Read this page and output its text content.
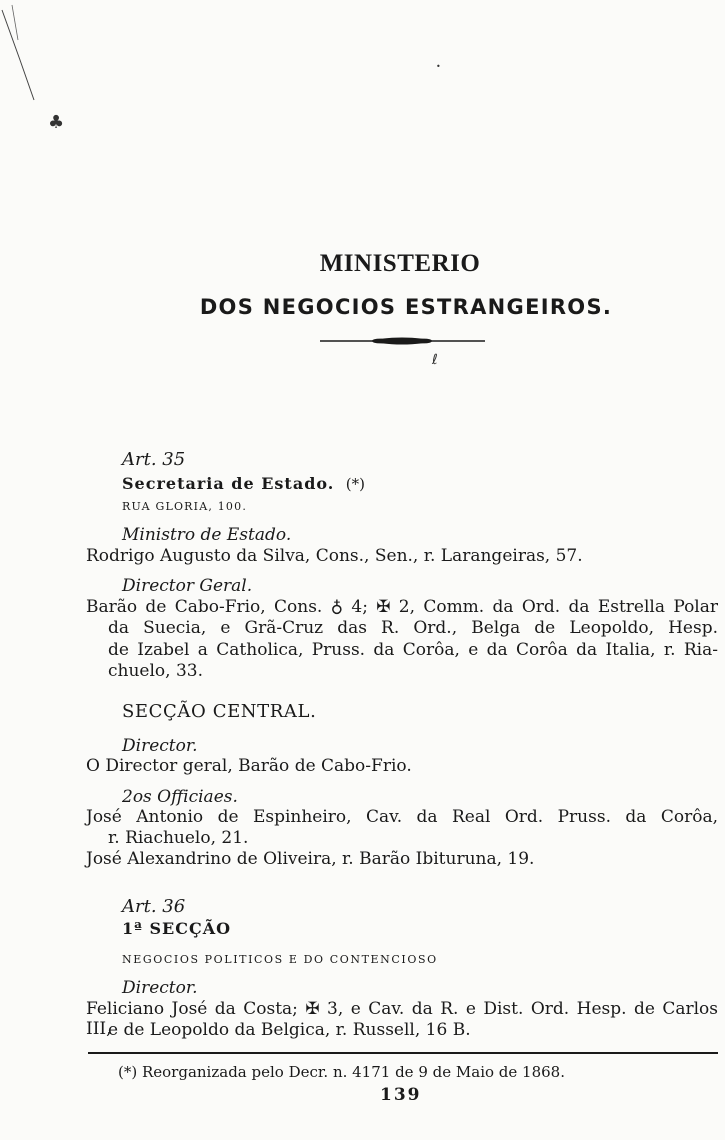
♣
•
ℓ
MINISTERIO
DOS NEGOCIOS ESTRANGEIROS.
Art. 35
Secretaria de Estado. (*)
RUA GLORIA, 100.
Ministro de Estado.
Rodrigo Augusto da Silva, Cons., Sen., r. Larangeiras, 57.
Director Geral.
Barão de Cabo-Frio, Cons. ♁ 4; ✠ 2, Comm. da Ord. da Estrella Polar
da Suecia, e Grã-Cruz das R. Ord., Belga de Leopoldo, Hesp.
de Izabel a Catholica, Pruss. da Corôa, e da Corôa da Italia, r. Ria-
chuelo, 33.
SECÇÃO CENTRAL.
Director.
O Director geral, Barão de Cabo-Frio.
2os Officiaes.
José Antonio de Espinheiro, Cav. da Real Ord. Pruss. da Corôa,
r. Riachuelo, 21.
José Alexandrino de Oliveira, r. Barão Ibituruna, 19.
Art. 36
1ª SECÇÃO
NEGOCIOS POLITICOS E DO CONTENCIOSO
Director.
Feliciano José da Costa; ✠ 3, e Cav. da R. e Dist. Ord. Hesp. de Carlos III,
e de Leopoldo da Belgica, r. Russell, 16 B.
(*) Reorganizada pelo Decr. n. 4171 de 9 de Maio de 1868.
139
